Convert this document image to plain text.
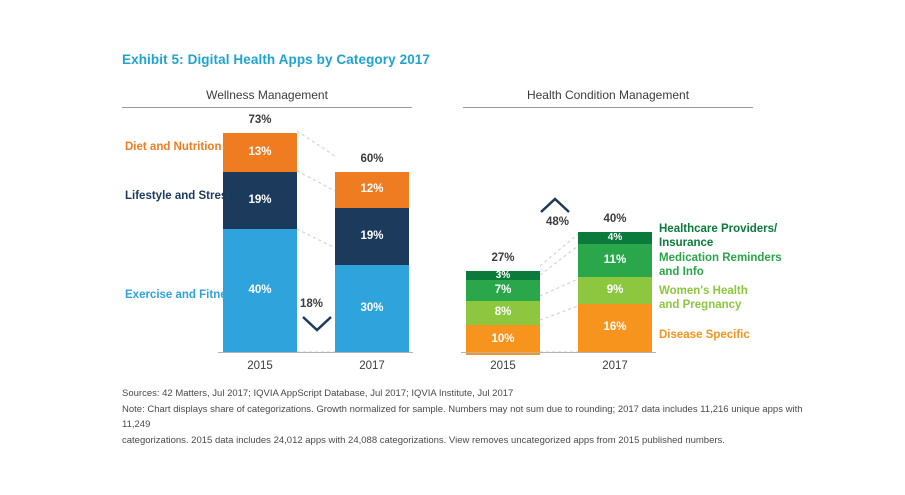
Exhibit 5: Digital Health Apps by Category 2017
Wellness Management	Health Condition Management
73%
13%
19%
40%
2015
60%
12%
19%
30%
2017
18%
Diet and Nutrition
Lifestyle and Stress
Exercise and Fitness
27%
3%
7%
8%
10%
2015
40%
4%
11%
9%
16%
2017
48%
Healthcare Providers/
Insurance
Medication Reminders
and Info
Women's Health
and Pregnancy
Disease Specific
Sources: 42 Matters, Jul 2017; IQVIA AppScript Database, Jul 2017; IQVIA Institute, Jul 2017
Note: Chart displays share of categorizations. Growth normalized for sample. Numbers may not sum due to rounding; 2017 data includes 11,216 unique apps with 11,249
categorizations. 2015 data includes 24,012 apps with 24,088 categorizations. View removes uncategorized apps from 2015 published numbers.
